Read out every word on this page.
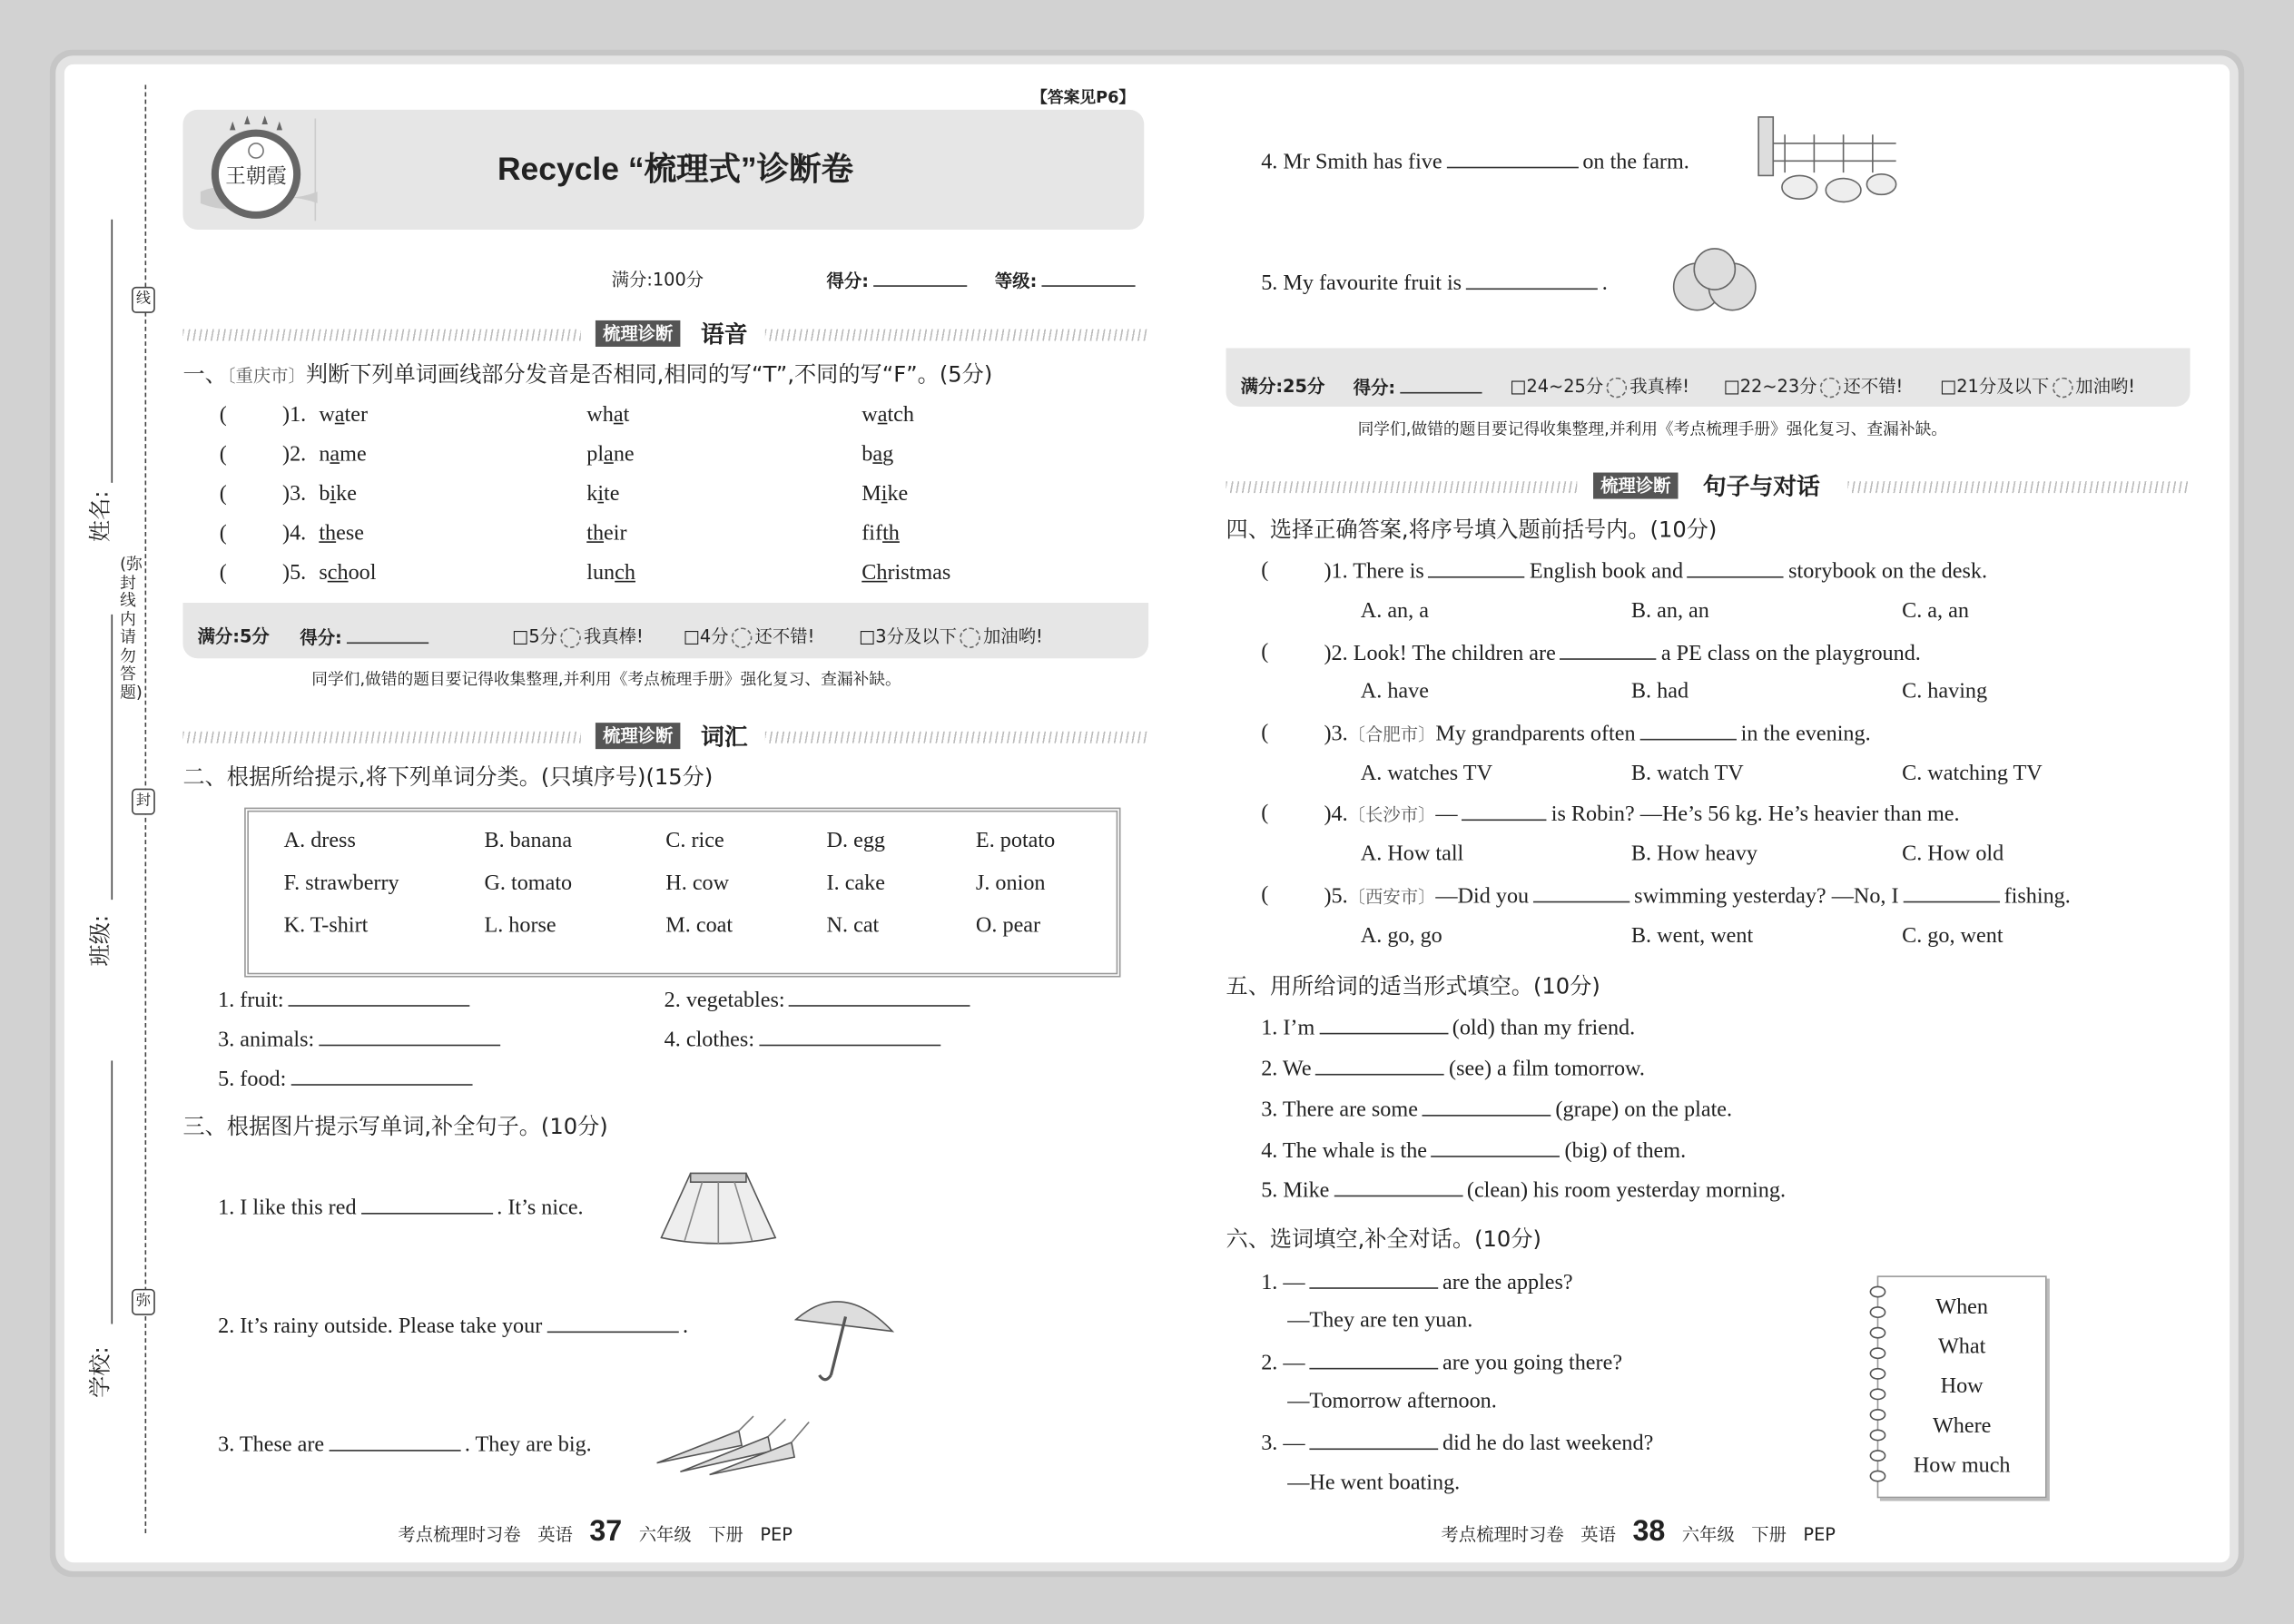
姓名:
班级:
学校:
线
封
弥
(弥封线内请勿答题)
【答案见P6】
王朝霞	Recycle “梳理式”诊断卷
满分:100分	得分:	等级:
梳理诊断	语音
一、〔重庆市〕判断下列单词画线部分发音是否相同,相同的写“T”,不同的写“F”。(5分)
(	)1. water	what	watch
(	)2. name	plane	bag
(	)3. bike	kite	Mike
(	)4. these	their	fifth
(	)5. school	lunch	Christmas
满分:5分	得分:	□5分 我真棒!	□4分 还不错!	□3分及以下 加油哟!
同学们,做错的题目要记得收集整理,并利用《考点梳理手册》强化复习、查漏补缺。
梳理诊断	词汇
二、根据所给提示,将下列单词分类。(只填序号)(15分)
A. dress	B. banana	C. rice	D. egg	E. potato
F. strawberry	G. tomato	H. cow	I. cake	J. onion
K. T-shirt	L. horse	M. coat	N. cat	O. pear
1. fruit:	2. vegetables:
3. animals:	4. clothes:
5. food:
三、根据图片提示写单词,补全句子。(10分)
1. I like this red	. It’s nice.
2. It’s rainy outside. Please take your	.
3. These are	. They are big.
考点梳理时习卷 英语 37 六年级 下册 PEP
4. Mr Smith has five	on the farm.
5. My favourite fruit is	.
满分:25分	得分:	□24~25分 我真棒!	□22~23分 还不错!	□21分及以下 加油哟!
同学们,做错的题目要记得收集整理,并利用《考点梳理手册》强化复习、查漏补缺。
梳理诊断	句子与对话
四、选择正确答案,将序号填入题前括号内。(10分)
(	)1. There is	English book and	storybook on the desk.
A. an, a	B. an, an	C. a, an
(	)2. Look! The children are	a PE class on the playground.
A. have	B. had	C. having
(	)3.〔合肥市〕My grandparents often	in the evening.
A. watches TV	B. watch TV	C. watching TV
(	)4.〔长沙市〕—	is Robin? —He’s 56 kg. He’s heavier than me.
A. How tall	B. How heavy	C. How old
(	)5.〔西安市〕—Did you	swimming yesterday? —No, I	fishing.
A. go, go	B. went, went	C. go, went
五、用所给词的适当形式填空。(10分)
1. I’m	(old) than my friend.
2. We	(see) a film tomorrow.
3. There are some	(grape) on the plate.
4. The whale is the	(big) of them.
5. Mike	(clean) his room yesterday morning.
六、选词填空,补全对话。(10分)
1. —	are the apples?
—They are ten yuan.
2. —	are you going there?
—Tomorrow afternoon.
3. —	did he do last weekend?
—He went boating.
When
What
How
Where
How much
考点梳理时习卷 英语 38 六年级 下册 PEP
